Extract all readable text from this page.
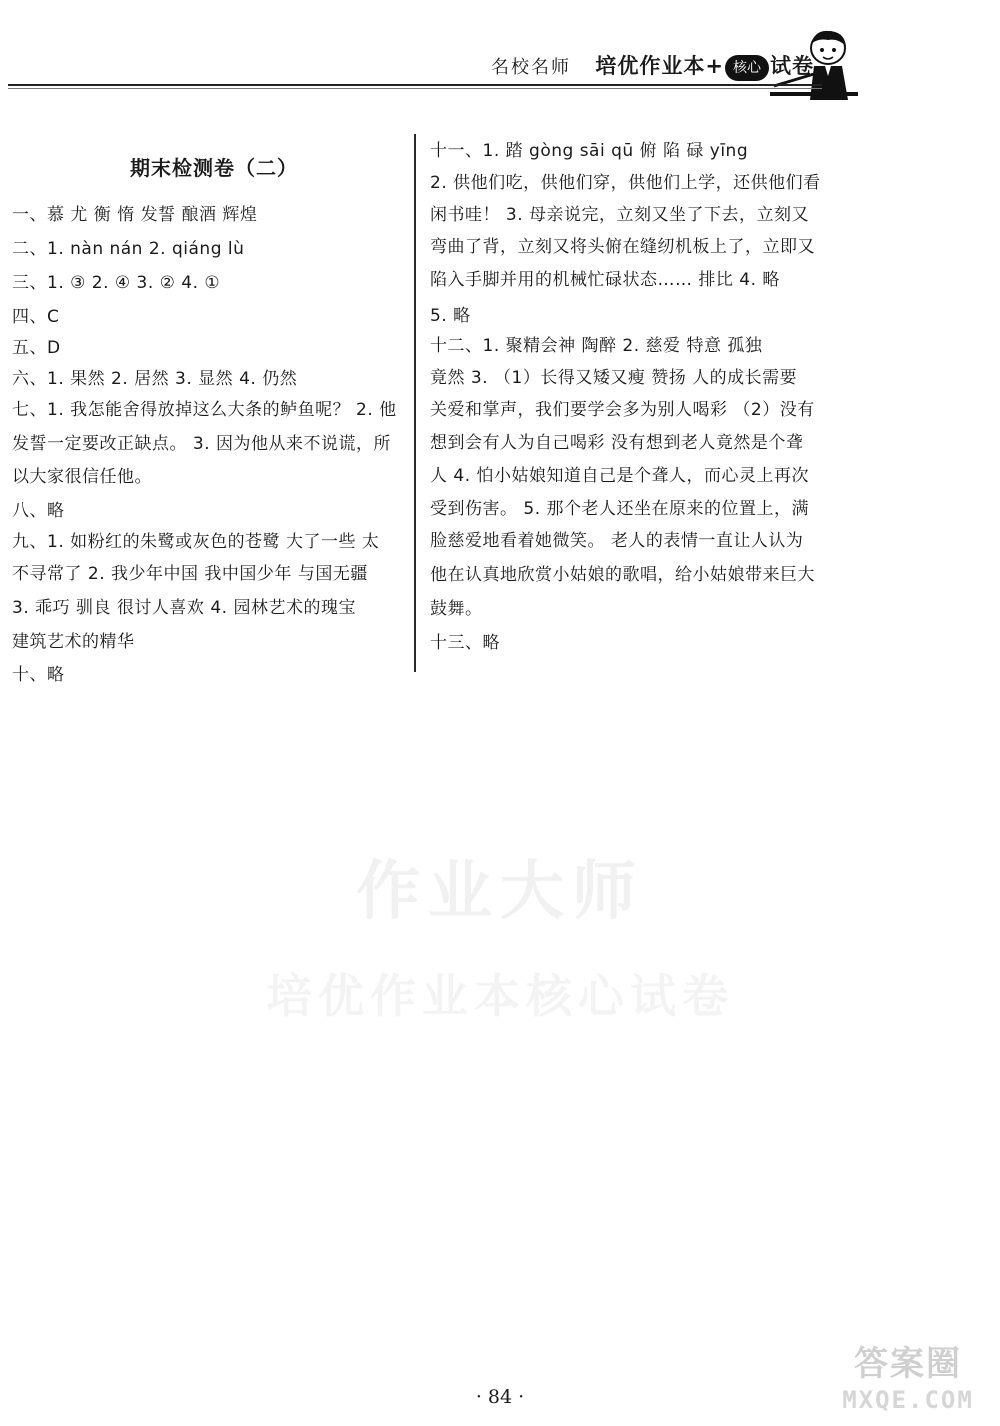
名校名师 培优作业本+ 核心 试卷
期末检测卷（二）
一、慕 尤 衡 惰 发誓 酿酒 辉煌
二、1. nàn nán 2. qiáng lù
三、1. ③ 2. ④ 3. ② 4. ①
四、C
五、D
六、1. 果然 2. 居然 3. 显然 4. 仍然
七、1. 我怎能舍得放掉这么大条的鲈鱼呢？ 2. 他
发誓一定要改正缺点。 3. 因为他从来不说谎，所
以大家很信任他。
八、略
九、1. 如粉红的朱鹭或灰色的苍鹭 大了一些 太
不寻常了 2. 我少年中国 我中国少年 与国无疆
3. 乖巧 驯良 很讨人喜欢 4. 园林艺术的瑰宝
建筑艺术的精华
十、略
十一、1. 踏 gòng sāi qū 俯 陷 碌 yīng
2. 供他们吃，供他们穿，供他们上学，还供他们看
闲书哇！ 3. 母亲说完，立刻又坐了下去，立刻又
弯曲了背，立刻又将头俯在缝纫机板上了，立即又
陷入手脚并用的机械忙碌状态…… 排比 4. 略
5. 略
十二、1. 聚精会神 陶醉 2. 慈爱 特意 孤独
竟然 3. （1）长得又矮又瘦 赞扬 人的成长需要
关爱和掌声，我们要学会多为别人喝彩 （2）没有
想到会有人为自己喝彩 没有想到老人竟然是个聋
人 4. 怕小姑娘知道自己是个聋人，而心灵上再次
受到伤害。 5. 那个老人还坐在原来的位置上，满
脸慈爱地看着她微笑。 老人的表情一直让人认为
他在认真地欣赏小姑娘的歌唱，给小姑娘带来巨大
鼓舞。
十三、略
作业大师
培优作业本核心试卷
· 84 ·
答案圈
MXQE.COM
